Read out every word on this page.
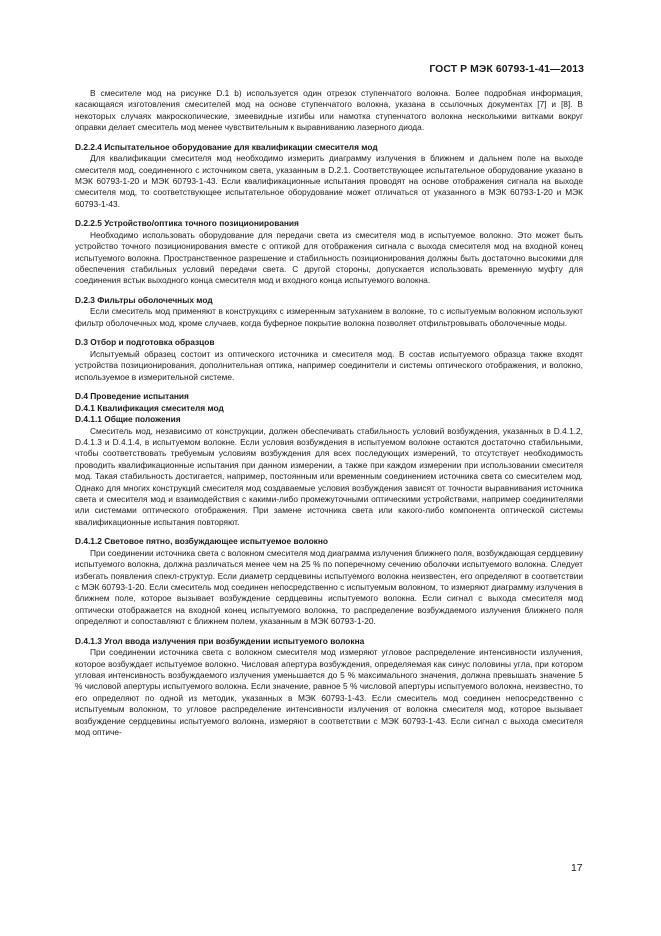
ГОСТ Р МЭК 60793-1-41—2013

В смесителе мод на рисунке D.1 b) используется один отрезок ступенчатого волокна. Более подробная информация, касающаяся изготовления смесителей мод на основе ступенчатого волокна, указана в ссылочных документах [7] и [8]. В некоторых случаях макроскопические, змеевидные изгибы или намотка ступенчатого волокна несколькими витками вокруг оправки делает смеситель мод менее чувствительным к выравниванию лазерного диода.

D.2.2.4 Испытательное оборудование для квалификации смесителя мод

Для квалификации смесителя мод необходимо измерить диаграмму излучения в ближнем и дальнем поле на выходе смесителя мод, соединенного с источником света, указанным в D.2.1. Соответствующее испытательное оборудование указано в МЭК 60793-1-20 и МЭК 60793-1-43. Если квалификационные испытания проводят на основе отображения сигнала на выходе смесителя мод, то соответствующее испытательное оборудование может отличаться от указанного в МЭК 60793-1-20 и МЭК 60793-1-43.

D.2.2.5 Устройство/оптика точного позиционирования

Необходимо использовать оборудование для передачи света из смесителя мод в испытуемое волокно. Это может быть устройство точного позиционирования вместе с оптикой для отображения сигнала с выхода смесителя мод на входной конец испытуемого волокна. Пространственное разрешение и стабильность позиционирования должны быть достаточно высокими для обеспечения стабильных условий передачи света. С другой стороны, допускается использовать временную муфту для соединения встык выходного конца смесителя мод и входного конца испытуемого волокна.

D.2.3 Фильтры оболочечных мод

Если смеситель мод применяют в конструкциях с измеренным затуханием в волокне, то с испытуемым волокном используют фильтр оболочечных мод, кроме случаев, когда буферное покрытие волокна позволяет отфильтровывать оболочечные моды.

D.3 Отбор и подготовка образцов

Испытуемый образец состоит из оптического источника и смесителя мод. В состав испытуемого образца также входят устройства позиционирования, дополнительная оптика, например соединители и системы оптического отображения, и волокно, используемое в измерительной системе.

D.4 Проведение испытания
D.4.1 Квалификация смесителя мод
D.4.1.1 Общие положения

Смеситель мод, независимо от конструкции, должен обеспечивать стабильность условий возбуждения, указанных в D.4.1.2, D.4.1.3 и D.4.1.4, в испытуемом волокне. Если условия возбуждения в испытуемом волокне остаются достаточно стабильными, чтобы соответствовать требуемым условиям возбуждения для всех последующих измерений, то отсутствует необходимость проводить квалификационные испытания при данном измерении, а также при каждом измерении при использовании смесителя мод. Такая стабильность достигается, например, постоянным или временным соединением источника света со смесителем мод. Однако для многих конструкций смесителя мод создаваемые условия возбуждения зависят от точности выравнивания источника света и смесителя мод и взаимодействия с какими-либо промежуточными оптическими устройствами, например соединителями или системами оптического отображения. При замене источника света или какого-либо компонента оптической системы квалификационные испытания повторяют.

D.4.1.2 Световое пятно, возбуждающее испытуемое волокно

При соединении источника света с волокном смесителя мод диаграмма излучения ближнего поля, возбуждающая сердцевину испытуемого волокна, должна различаться менее чем на 25 % по поперечному сечению оболочки испытуемого волокна. Следует избегать появления спекл-структур. Если диаметр сердцевины испытуемого волокна неизвестен, его определяют в соответствии с МЭК 60793-1-20. Если смеситель мод соединен непосредственно с испытуемым волокном, то измеряют диаграмму излучения в ближнем поле, которое вызывает возбуждение сердцевины испытуемого волокна. Если сигнал с выхода смесителя мод оптически отображается на входной конец испытуемого волокна, то распределение возбуждаемого излучения ближнего поля определяют и сопоставляют с ближнем полем, указанным в МЭК 60793-1-20.

D.4.1.3 Угол ввода излучения при возбуждении испытуемого волокна

При соединении источника света с волокном смесителя мод измеряют угловое распределение интенсивности излучения, которое возбуждает испытуемое волокно. Числовая апертура возбуждения, определяемая как синус половины угла, при котором угловая интенсивность возбуждаемого излучения уменьшается до 5 % максимального значения, должна превышать значение 5 % числовой апертуры испытуемого волокна. Если значение, равное 5 % числовой апертуры испытуемого волокна, неизвестно, то его определяют по одной из методик, указанных в МЭК 60793-1-43. Если смеситель мод соединен непосредственно с испытуемым волокном, то угловое распределение интенсивности излучения от волокна смесителя мод, которое вызывает возбуждение сердцевины испытуемого волокна, измеряют в соответствии с МЭК 60793-1-43. Если сигнал с выхода смесителя мод оптиче-

17
